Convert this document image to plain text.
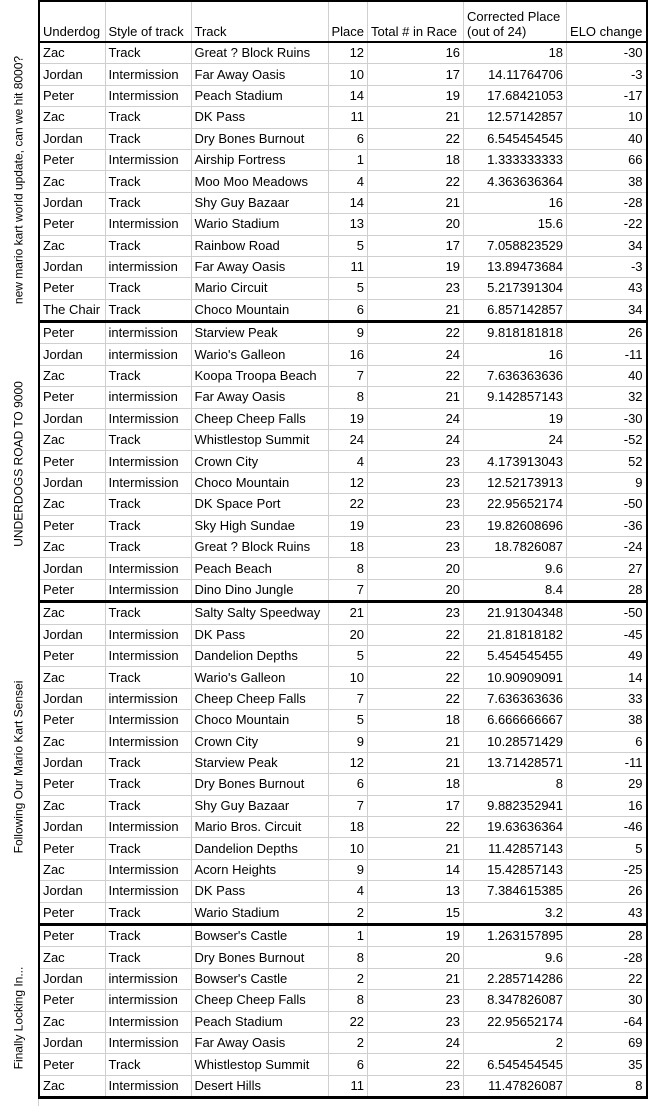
new mario kart world update, can we hit 8000?
UNDERDOGS ROAD TO 9000
Following Our Mario Kart Sensei
Finally Locking In...
Underdog	Style of track	Track	Place	Total # in Race	Corrected Place (out of 24)	ELO change
Zac	Track	Great ? Block Ruins	12	16	18	-30
Jordan	Intermission	Far Away Oasis	10	17	14.11764706	-3
Peter	Intermission	Peach Stadium	14	19	17.68421053	-17
Zac	Track	DK Pass	11	21	12.57142857	10
Jordan	Track	Dry Bones Burnout	6	22	6.545454545	40
Peter	Intermission	Airship Fortress	1	18	1.333333333	66
Zac	Track	Moo Moo Meadows	4	22	4.363636364	38
Jordan	Track	Shy Guy Bazaar	14	21	16	-28
Peter	Intermission	Wario Stadium	13	20	15.6	-22
Zac	Track	Rainbow Road	5	17	7.058823529	34
Jordan	intermission	Far Away Oasis	11	19	13.89473684	-3
Peter	Track	Mario Circuit	5	23	5.217391304	43
The Chair	Track	Choco Mountain	6	21	6.857142857	34
Peter	intermission	Starview Peak	9	22	9.818181818	26
Jordan	intermission	Wario's Galleon	16	24	16	-11
Zac	Track	Koopa Troopa Beach	7	22	7.636363636	40
Peter	intermission	Far Away Oasis	8	21	9.142857143	32
Jordan	Intermission	Cheep Cheep Falls	19	24	19	-30
Zac	Track	Whistlestop Summit	24	24	24	-52
Peter	Intermission	Crown City	4	23	4.173913043	52
Jordan	Intermission	Choco Mountain	12	23	12.52173913	9
Zac	Track	DK Space Port	22	23	22.95652174	-50
Peter	Track	Sky High Sundae	19	23	19.82608696	-36
Zac	Track	Great ? Block Ruins	18	23	18.7826087	-24
Jordan	Intermission	Peach Beach	8	20	9.6	27
Peter	Intermission	Dino Dino Jungle	7	20	8.4	28
Zac	Track	Salty Salty Speedway	21	23	21.91304348	-50
Jordan	Intermission	DK Pass	20	22	21.81818182	-45
Peter	Intermission	Dandelion Depths	5	22	5.454545455	49
Zac	Track	Wario's Galleon	10	22	10.90909091	14
Jordan	intermission	Cheep Cheep Falls	7	22	7.636363636	33
Peter	Intermission	Choco Mountain	5	18	6.666666667	38
Zac	Intermission	Crown City	9	21	10.28571429	6
Jordan	Track	Starview Peak	12	21	13.71428571	-11
Peter	Track	Dry Bones Burnout	6	18	8	29
Zac	Track	Shy Guy Bazaar	7	17	9.882352941	16
Jordan	Intermission	Mario Bros. Circuit	18	22	19.63636364	-46
Peter	Track	Dandelion Depths	10	21	11.42857143	5
Zac	Intermission	Acorn Heights	9	14	15.42857143	-25
Jordan	Intermission	DK Pass	4	13	7.384615385	26
Peter	Track	Wario Stadium	2	15	3.2	43
Peter	Track	Bowser's Castle	1	19	1.263157895	28
Zac	Track	Dry Bones Burnout	8	20	9.6	-28
Jordan	intermission	Bowser's Castle	2	21	2.285714286	22
Peter	intermission	Cheep Cheep Falls	8	23	8.347826087	30
Zac	Intermission	Peach Stadium	22	23	22.95652174	-64
Jordan	Intermission	Far Away Oasis	2	24	2	69
Peter	Track	Whistlestop Summit	6	22	6.545454545	35
Zac	Intermission	Desert Hills	11	23	11.47826087	8
